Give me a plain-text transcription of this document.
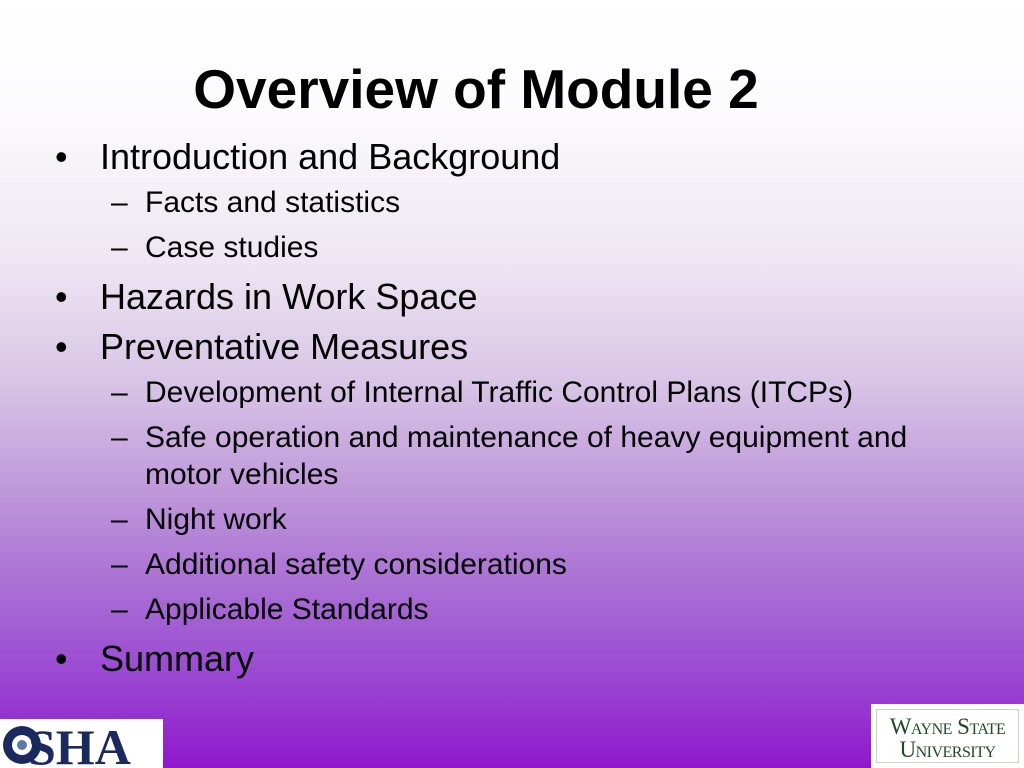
Overview of Module 2

• Introduction and Background

– Facts and statistics

– Case studies

• Hazards in Work Space

• Preventative Measures

– Development of Internal Traffic Control Plans (ITCPs)

– Safe operation and maintenance of heavy equipment and motor vehicles

– Night work

– Additional safety considerations

– Applicable Standards

• Summary

SHA	Wayne State
University
